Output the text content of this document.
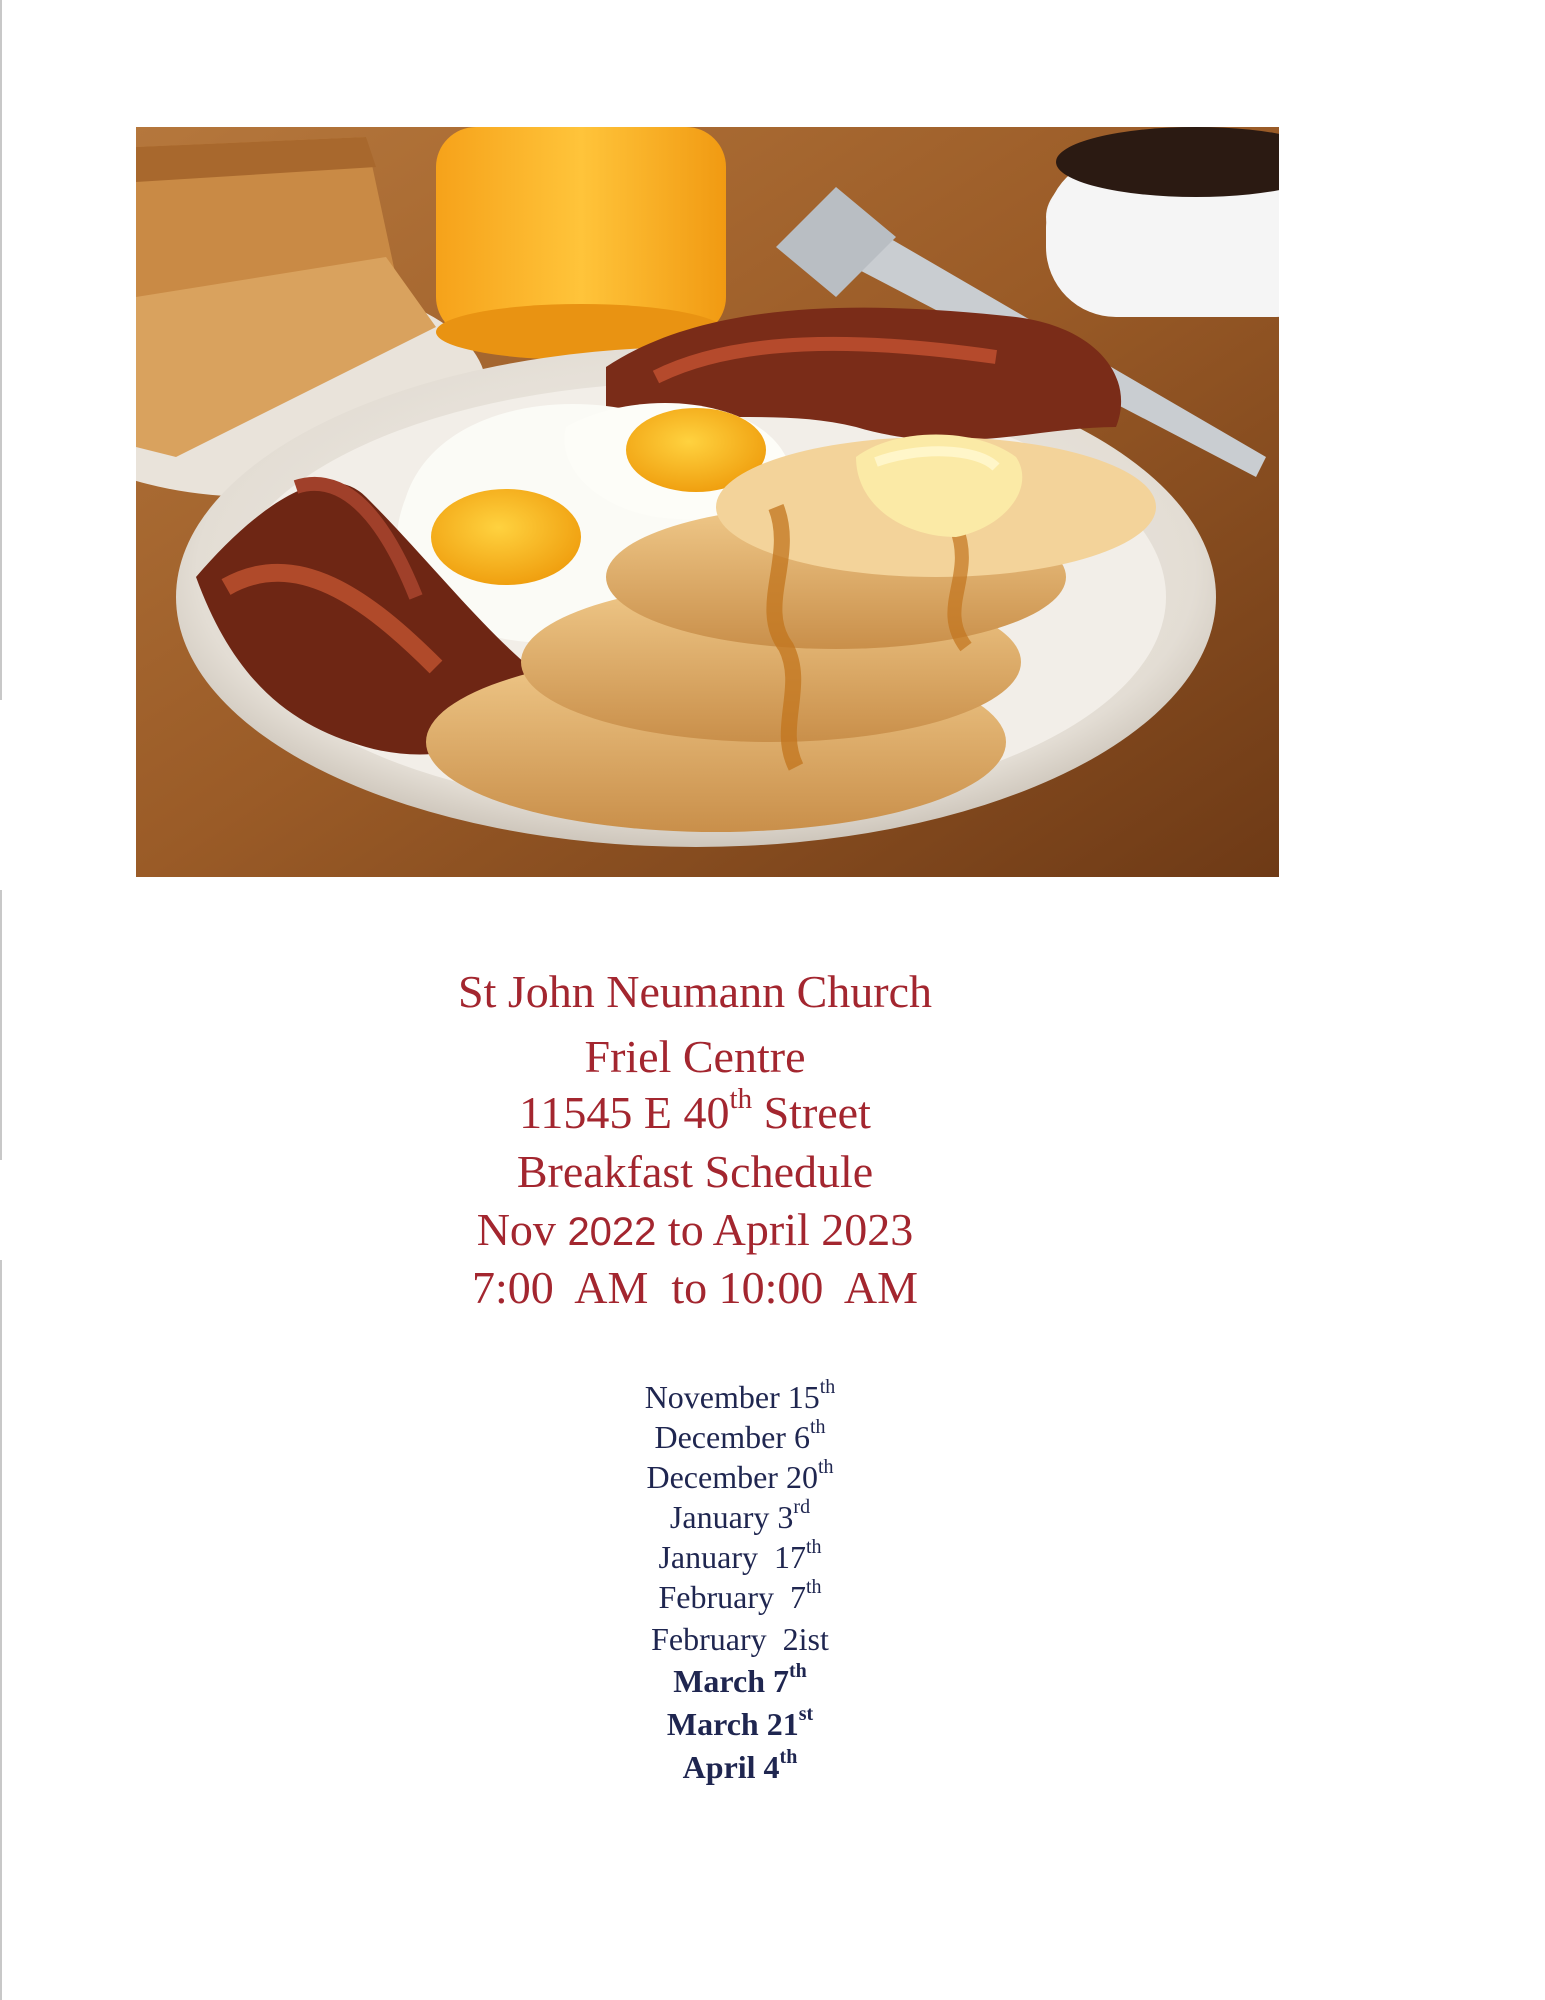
St John Neumann Church
Friel Centre
11545 E 40th Street
Breakfast Schedule
Nov 2022 to April 2023
7:00  AM  to 10:00  AM
November 15th
December 6th
December 20th
January 3rd
January  17th
February  7th
February  2ist
March 7th
March 21st
April 4th
